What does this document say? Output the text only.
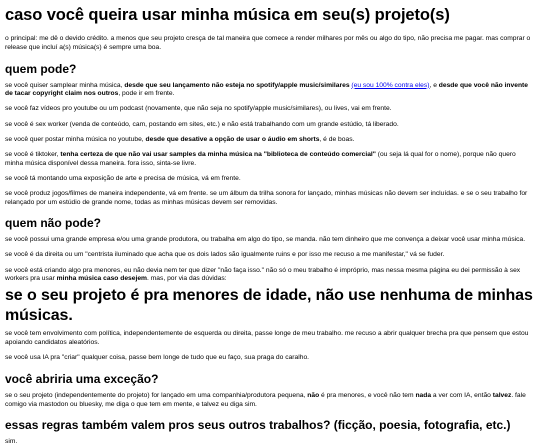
caso você queira usar minha música em seu(s) projeto(s)

o principal: me dê o devido crédito. a menos que seu projeto cresça de tal maneira que comece a render milhares por mês ou algo do tipo, não precisa me pagar. mas comprar o release que incluí a(s) música(s) é sempre uma boa.

quem pode?

se você quiser samplear minha música, desde que seu lançamento não esteja no spotify/apple music/similares (eu sou 100% contra eles), e desde que você não invente de tacar copyright claim nos outros, pode ir em frente.

se você faz vídeos pro youtube ou um podcast (novamente, que não seja no spotify/apple music/similares), ou lives, vai em frente.

se você é sex worker (venda de conteúdo, cam, postando em sites, etc.) e não está trabalhando com um grande estúdio, tá liberado.

se você quer postar minha música no youtube, desde que desative a opção de usar o áudio em shorts, é de boas.

se você é tiktoker, tenha certeza de que não vai usar samples da minha música na "biblioteca de conteúdo comercial" (ou seja lá qual for o nome), porque não quero minha música disponível dessa maneira. fora isso, sinta-se livre.

se você tá montando uma exposição de arte e precisa de música, vá em frente.

se você produz jogos/filmes de maneira independente, vá em frente. se um álbum da trilha sonora for lançado, minhas músicas não devem ser incluídas. e se o seu trabalho for relançado por um estúdio de grande nome, todas as minhas músicas devem ser removidas.

quem não pode?

se você possui uma grande empresa e/ou uma grande produtora, ou trabalha em algo do tipo, se manda. não tem dinheiro que me convença a deixar você usar minha música.

se você é da direita ou um "centrista iluminado que acha que os dois lados são igualmente ruins e por isso me recuso a me manifestar," vá se fuder.

se você está criando algo pra menores, eu não devia nem ter que dizer "não faça isso." não só o meu trabalho é impróprio, mas nessa mesma página eu dei permissão à sex workers pra usar minha música caso desejem. mas, por via das dúvidas:

se o seu projeto é pra menores de idade, não use nenhuma de minhas músicas.

se você tem envolvimento com política, independentemente de esquerda ou direita, passe longe de meu trabalho. me recuso a abrir qualquer brecha pra que pensem que estou apoiando candidatos aleatórios.

se você usa IA pra "criar" qualquer coisa, passe bem longe de tudo que eu faço, sua praga do caralho.

você abriria uma exceção?

se o seu projeto (independentemente do projeto) for lançado em uma companhia/produtora pequena, não é pra menores, e você não tem nada a ver com IA, então talvez. fale comigo via mastodon ou bluesky, me diga o que tem em mente, e talvez eu diga sim.

essas regras também valem pros seus outros trabalhos? (ficção, poesia, fotografia, etc.)

sim.
